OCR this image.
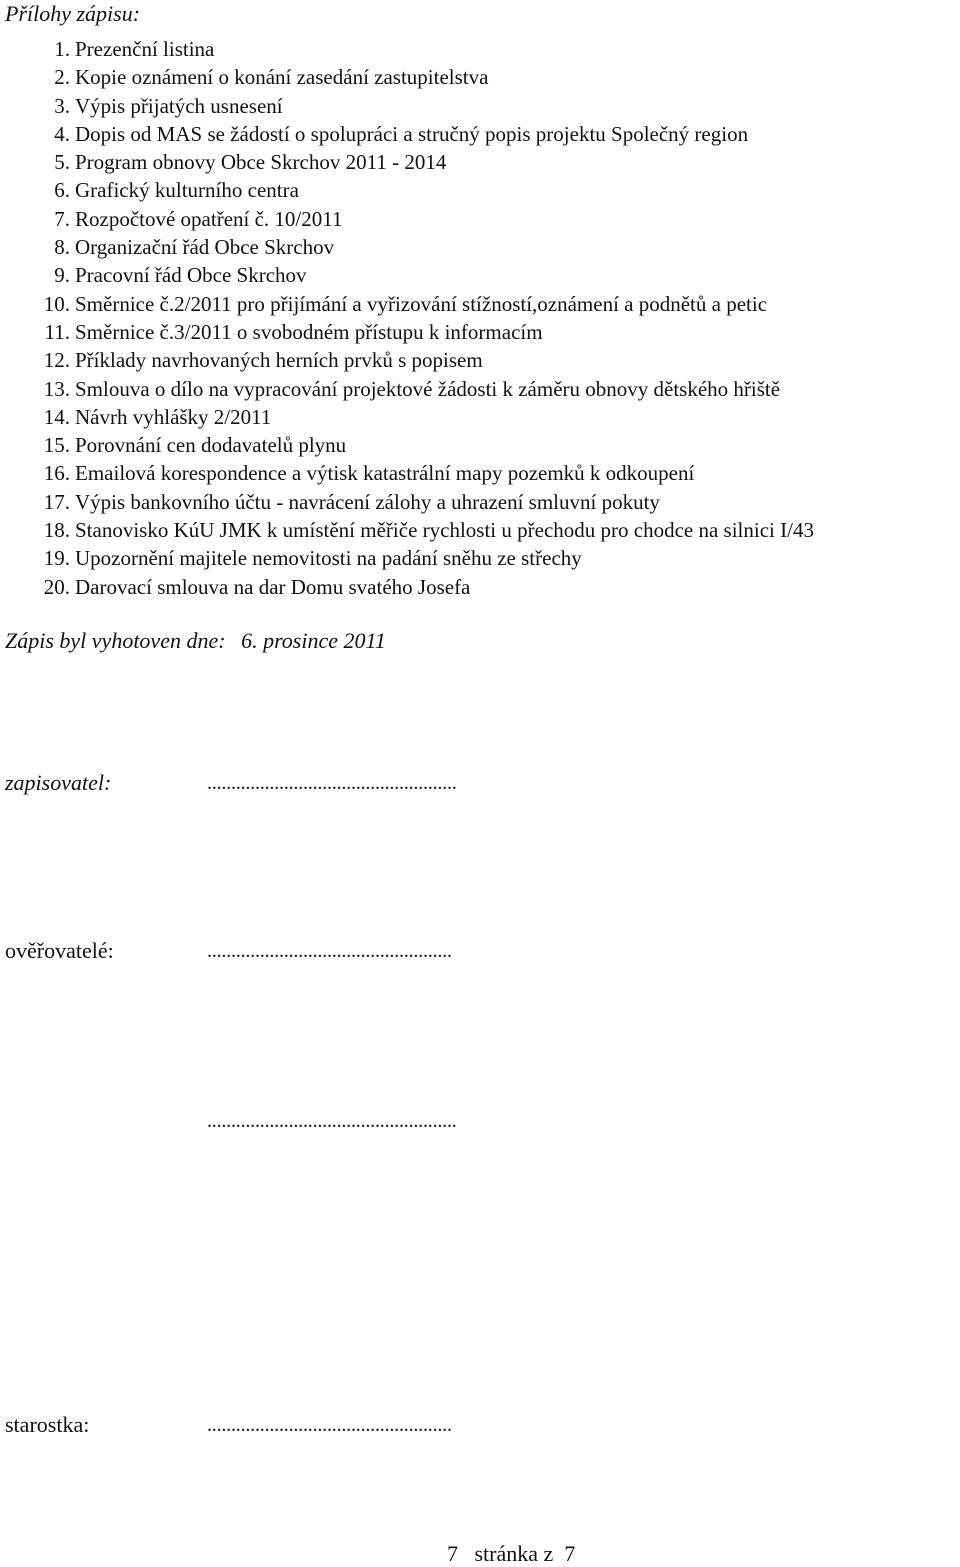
Přílohy zápisu:
1. Prezenční listina
2. Kopie oznámení o konání zasedání zastupitelstva
3. Výpis přijatých usnesení
4. Dopis od MAS se žádostí o spolupráci a stručný popis projektu Společný region
5. Program obnovy Obce Skrchov 2011 - 2014
6. Grafický kulturního centra
7. Rozpočtové opatření č. 10/2011
8. Organizační řád Obce Skrchov
9. Pracovní řád Obce Skrchov
10. Směrnice č.2/2011 pro přijímání a vyřizování stížností,oznámení a podnětů a petic
11. Směrnice č.3/2011 o svobodném přístupu k informacím
12. Příklady navrhovaných herních prvků s popisem
13. Smlouva o dílo na vypracování projektové žádosti k záměru obnovy dětského hřiště
14. Návrh vyhlášky 2/2011
15. Porovnání cen dodavatelů plynu
16. Emailová korespondence a výtisk katastrální mapy pozemků k odkoupení
17. Výpis bankovního účtu - navrácení zálohy a uhrazení smluvní pokuty
18. Stanovisko KúU JMK k umístění měřiče rychlosti u přechodu pro chodce na silnici I/43
19. Upozornění majitele nemovitosti na padání sněhu ze střechy
20. Darovací smlouva na dar Domu svatého Josefa
Zápis byl vyhotoven dne: 6. prosince 2011
zapisovatel:	....................................................
ověřovatelé:	...................................................
....................................................
starostka:	...................................................
7 stránka z 7
